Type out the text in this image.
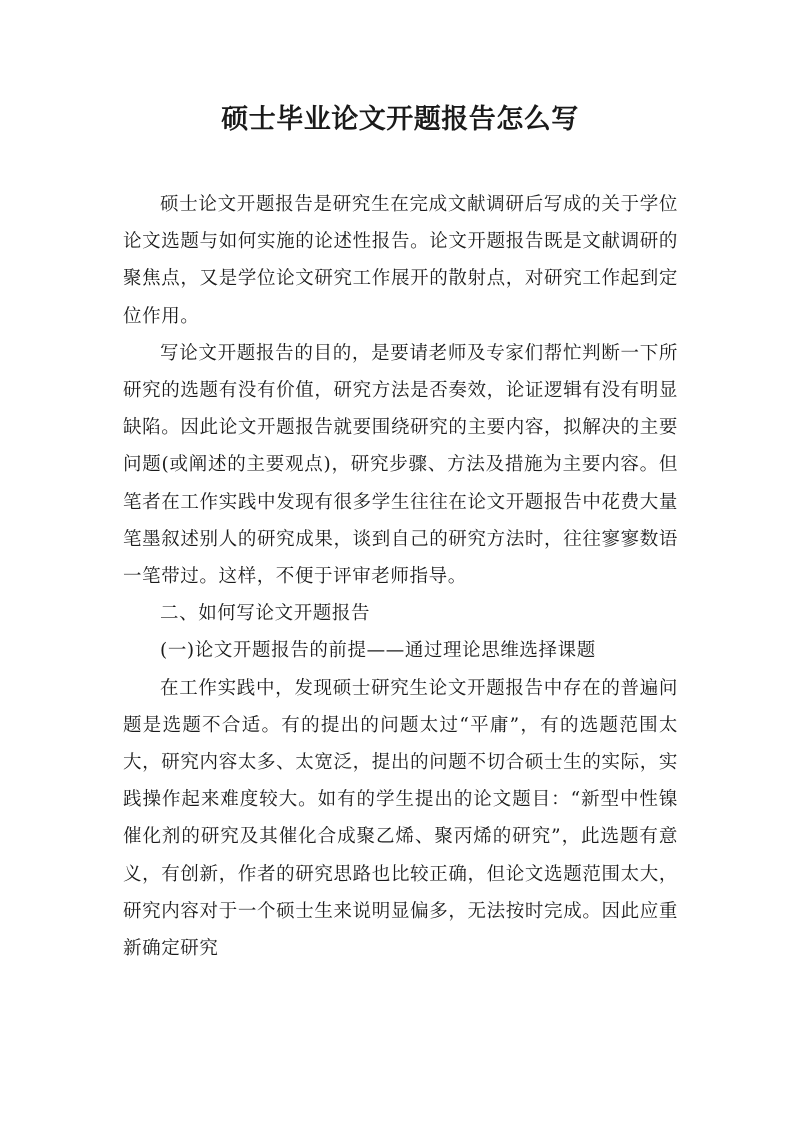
硕士毕业论文开题报告怎么写

硕士论文开题报告是研究生在完成文献调研后写成的关于学位论文选题与如何实施的论述性报告。论文开题报告既是文献调研的聚焦点，又是学位论文研究工作展开的散射点，对研究工作起到定位作用。

写论文开题报告的目的，是要请老师及专家们帮忙判断一下所研究的选题有没有价值，研究方法是否奏效，论证逻辑有没有明显缺陷。因此论文开题报告就要围绕研究的主要内容，拟解决的主要问题(或阐述的主要观点)，研究步骤、方法及措施为主要内容。但笔者在工作实践中发现有很多学生往往在论文开题报告中花费大量笔墨叙述别人的研究成果，谈到自己的研究方法时，往往寥寥数语一笔带过。这样，不便于评审老师指导。

二、如何写论文开题报告

(一)论文开题报告的前提——通过理论思维选择课题

在工作实践中，发现硕士研究生论文开题报告中存在的普遍问题是选题不合适。有的提出的问题太过“平庸”，有的选题范围太大，研究内容太多、太宽泛，提出的问题不切合硕士生的实际，实践操作起来难度较大。如有的学生提出的论文题目：“新型中性镍催化剂的研究及其催化合成聚乙烯、聚丙烯的研究”，此选题有意义，有创新，作者的研究思路也比较正确，但论文选题范围太大，研究内容对于一个硕士生来说明显偏多，无法按时完成。因此应重新确定研究
